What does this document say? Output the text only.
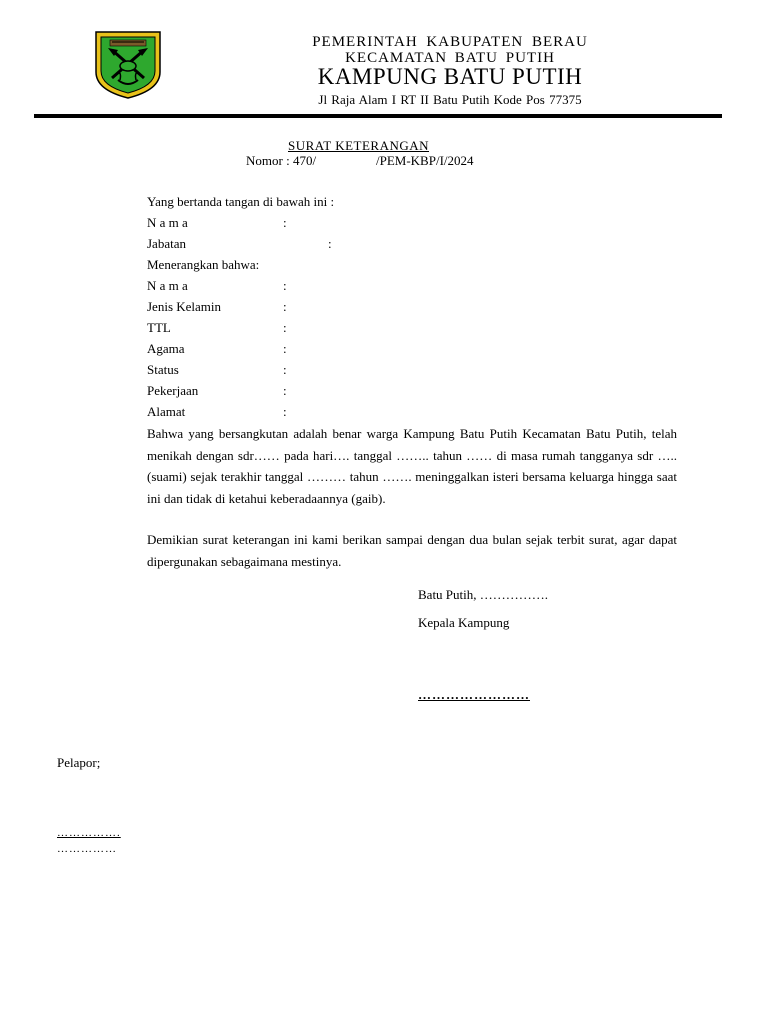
PEMERINTAH KABUPATEN BERAU
KECAMATAN BATU PUTIH
KAMPUNG BATU PUTIH
Jl Raja Alam I RT II Batu Putih Kode Pos 77375
SURAT KETERANGAN
Nomor : 470/	/PEM-KBP/I/2024
Yang bertanda tangan di bawah ini :
N a m a	:
Jabatan	:
Menerangkan bahwa:
N a m a	:
Jenis Kelamin	:
TTL	:
Agama	:
Status	:
Pekerjaan	:
Alamat	:
Bahwa yang bersangkutan adalah benar warga Kampung Batu Putih Kecamatan Batu Putih, telah menikah dengan sdr…… pada hari…. tanggal …….. tahun …… di masa rumah tangganya sdr …..(suami) sejak terakhir tanggal ……… tahun ……. meninggalkan isteri bersama keluarga hingga saat ini dan tidak di ketahui keberadaannya (gaib).
Demikian surat keterangan ini kami berikan sampai dengan dua bulan sejak terbit surat, agar dapat dipergunakan sebagaimana mestinya.
Batu Putih, …………….
Kepala Kampung
……………………
Pelapor;
…………….
……………
